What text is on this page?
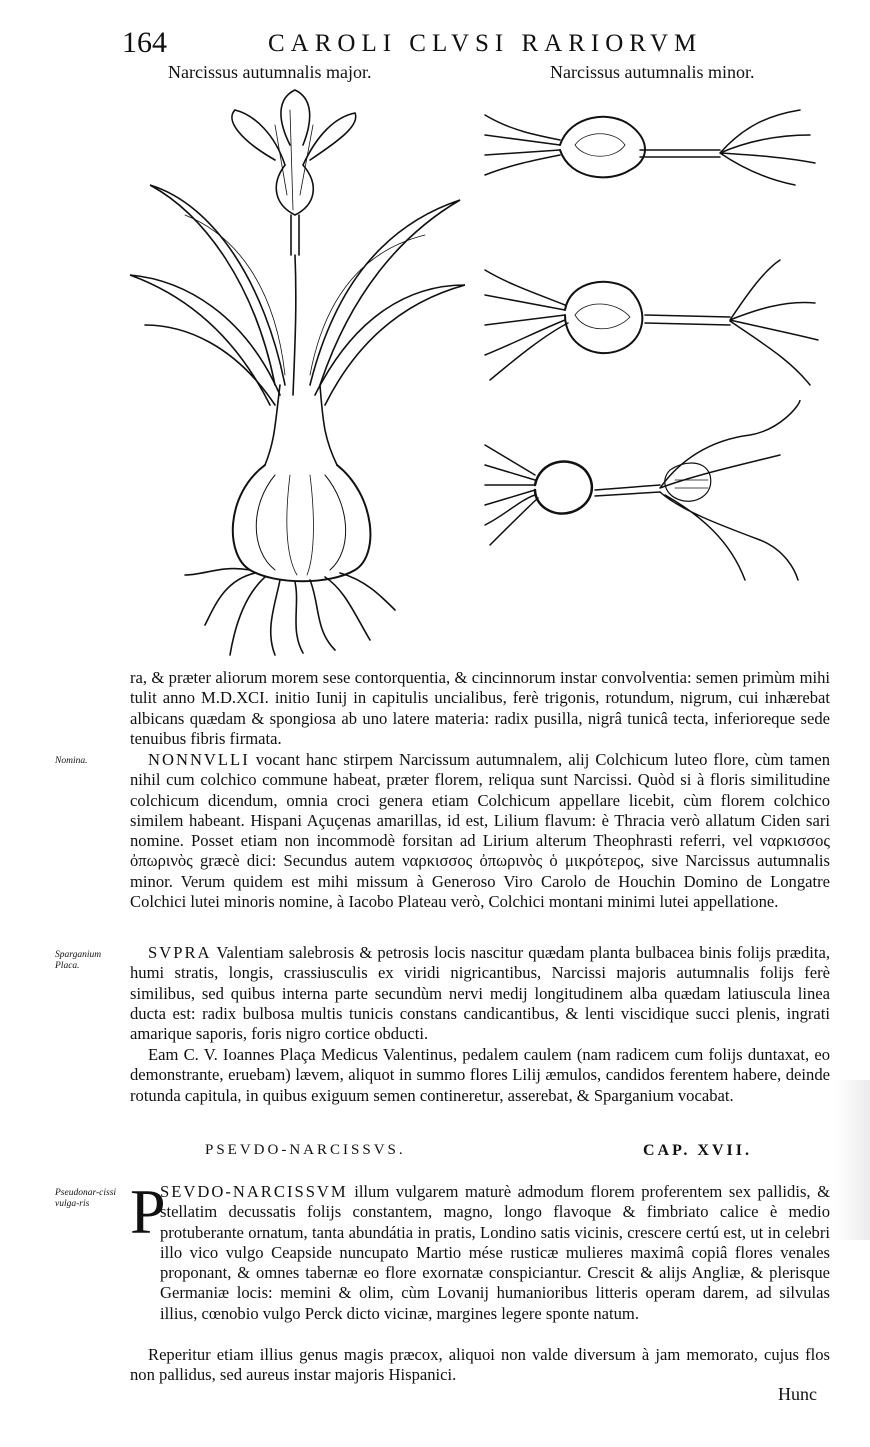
164	CAROLI CLVSI RARIORVM
Narcissus autumnalis major.	Narcissus autumnalis minor.

ra, & præter aliorum morem sese contorquentia, & cincinnorum instar convolventia: semen primùm mihi tulit anno M.D.XCI. initio Iunij in capitulis uncialibus, ferè trigonis, rotundum, nigrum, cui inhærebat albicans quædam & spongiosa ab uno latere materia: radix pusilla, nigrâ tunicâ tecta, inferioreque sede tenuibus fibris firmata.

Nomina.	NONNVLLI vocant hanc stirpem Narcissum autumnalem, alij Colchicum luteo flore, cùm tamen nihil cum colchico commune habeat, præter florem, reliqua sunt Narcissi. Quòd si à floris similitudine colchicum dicendum, omnia croci genera etiam Colchicum appellare licebit, cùm florem colchico similem habeant. Hispani Açuçenas amarillas, id est, Lilium flavum: è Thracia verò allatum Ciden sari nomine. Posset etiam non incommodè forsitan ad Lirium alterum Theophrasti referri, vel ναρκισσος ὀπωρινὸς græcè dici: Secundus autem ναρκισσος ὀπωρινὸς ὁ μικρότερος, sive Narcissus autumnalis minor. Verum quidem est mihi missum à Generoso Viro Carolo de Houchin Domino de Longatre Colchici lutei minoris nomine, à Iacobo Plateau verò, Colchici montani minimi lutei appellatione.

Sparganium Placa.

SVPRA Valentiam salebrosis & petrosis locis nascitur quædam planta bulbacea binis folijs prædita, humi stratis, longis, crassiusculis ex viridi nigricantibus, Narcissi majoris autumnalis folijs ferè similibus, sed quibus interna parte secundùm nervi medij longitudinem alba quædam latiuscula linea ducta est: radix bulbosa multis tunicis constans candicantibus, & lenti viscidique succi plenis, ingrati amarique saporis, foris nigro cortice obducti.

Eam C. V. Ioannes Plaça Medicus Valentinus, pedalem caulem (nam radicem cum folijs duntaxat, eo demonstrante, eruebam) lævem, aliquot in summo flores Lilij æmulos, candidos ferentem habere, deinde rotunda capitula, in quibus exiguum semen contineretur, asserebat, & Sparganium vocabat.

PSEVDO-NARCISSVS.	CAP. XVII.
Pseudonar-cissi vulga-ris P

SEVDO-NARCISSVM illum vulgarem maturè admodum florem proferentem sex pallidis, & stellatim decussatis folijs constantem, magno, longo flavoque & fimbriato calice è medio protuberante ornatum, tanta abundátia in pratis, Londino satis vicinis, crescere certú est, ut in celebri illo vico vulgo Ceapside nuncupato Martio mése rusticæ mulieres maximâ copiâ flores venales proponant, & omnes tabernæ eo flore exornatæ conspiciantur. Crescit & alijs Angliæ, & plerisque Germaniæ locis: memini & olim, cùm Lovanij humanioribus litteris operam darem, ad silvulas illius, cœnobio vulgo Perck dicto vicinæ, margines legere sponte natum.

Reperitur etiam illius genus magis præcox, aliquoi non valde diversum à jam memorato, cujus flos non pallidus, sed aureus instar majoris Hispanici.

Hunc
